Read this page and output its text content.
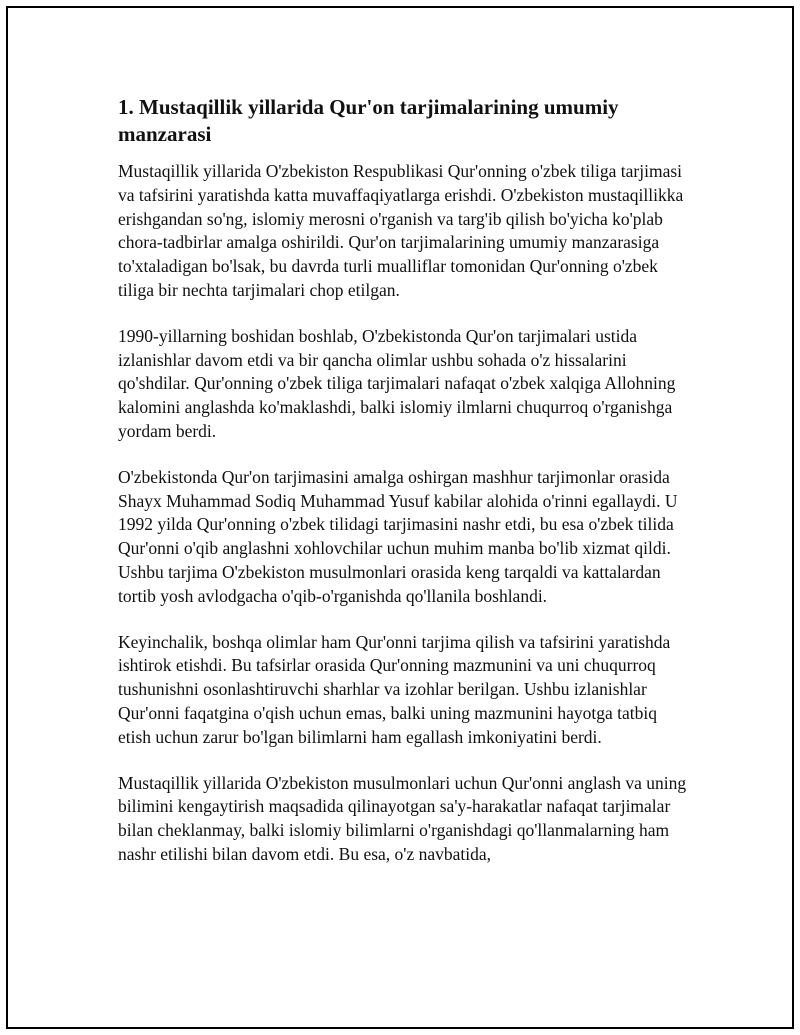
1. Mustaqillik yillarida Qur'on tarjimalarining umumiy manzarasi

Mustaqillik yillarida O'zbekiston Respublikasi Qur'onning o'zbek tiliga tarjimasi va tafsirini yaratishda katta muvaffaqiyatlarga erishdi. O'zbekiston mustaqillikka erishgandan so'ng, islomiy merosni o'rganish va targ'ib qilish bo'yicha ko'plab chora-tadbirlar amalga oshirildi. Qur'on tarjimalarining umumiy manzarasiga to'xtaladigan bo'lsak, bu davrda turli mualliflar tomonidan Qur'onning o'zbek tiliga bir nechta tarjimalari chop etilgan.

1990-yillarning boshidan boshlab, O'zbekistonda Qur'on tarjimalari ustida izlanishlar davom etdi va bir qancha olimlar ushbu sohada o'z hissalarini qo'shdilar. Qur'onning o'zbek tiliga tarjimalari nafaqat o'zbek xalqiga Allohning kalomini anglashda ko'maklashdi, balki islomiy ilmlarni chuqurroq o'rganishga yordam berdi.

O'zbekistonda Qur'on tarjimasini amalga oshirgan mashhur tarjimonlar orasida Shayx Muhammad Sodiq Muhammad Yusuf kabilar alohida o'rinni egallaydi. U 1992 yilda Qur'onning o'zbek tilidagi tarjimasini nashr etdi, bu esa o'zbek tilida Qur'onni o'qib anglashni xohlovchilar uchun muhim manba bo'lib xizmat qildi. Ushbu tarjima O'zbekiston musulmonlari orasida keng tarqaldi va kattalardan tortib yosh avlodgacha o'qib-o'rganishda qo'llanila boshlandi.

Keyinchalik, boshqa olimlar ham Qur'onni tarjima qilish va tafsirini yaratishda ishtirok etishdi. Bu tafsirlar orasida Qur'onning mazmunini va uni chuqurroq tushunishni osonlashtiruvchi sharhlar va izohlar berilgan. Ushbu izlanishlar Qur'onni faqatgina o'qish uchun emas, balki uning mazmunini hayotga tatbiq etish uchun zarur bo'lgan bilimlarni ham egallash imkoniyatini berdi.

Mustaqillik yillarida O'zbekiston musulmonlari uchun Qur'onni anglash va uning bilimini kengaytirish maqsadida qilinayotgan sa'y-harakatlar nafaqat tarjimalar bilan cheklanmay, balki islomiy bilimlarni o'rganishdagi qo'llanmalarning ham nashr etilishi bilan davom etdi. Bu esa, o'z navbatida,
